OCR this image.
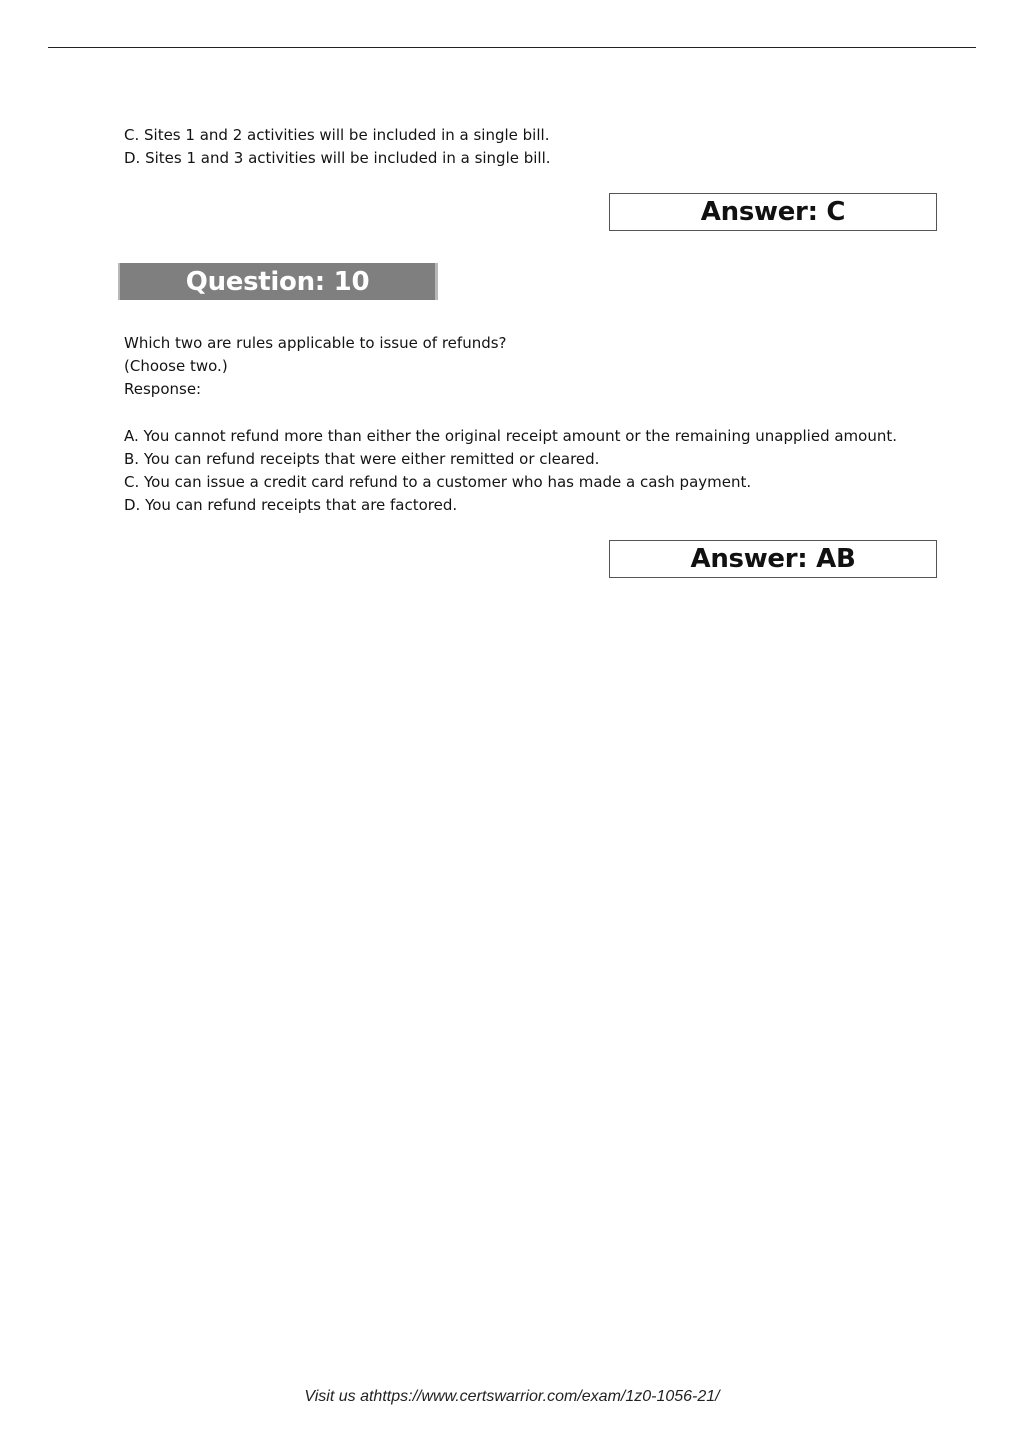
C. Sites 1 and 2 activities will be included in a single bill.
D. Sites 1 and 3 activities will be included in a single bill.
Answer: C
Question: 10
Which two are rules applicable to issue of refunds?
(Choose two.)
Response:
A. You cannot refund more than either the original receipt amount or the remaining unapplied amount.
B. You can refund receipts that were either remitted or cleared.
C. You can issue a credit card refund to a customer who has made a cash payment.
D. You can refund receipts that are factored.
Answer: AB
Visit us athttps://www.certswarrior.com/exam/1z0-1056-21/
